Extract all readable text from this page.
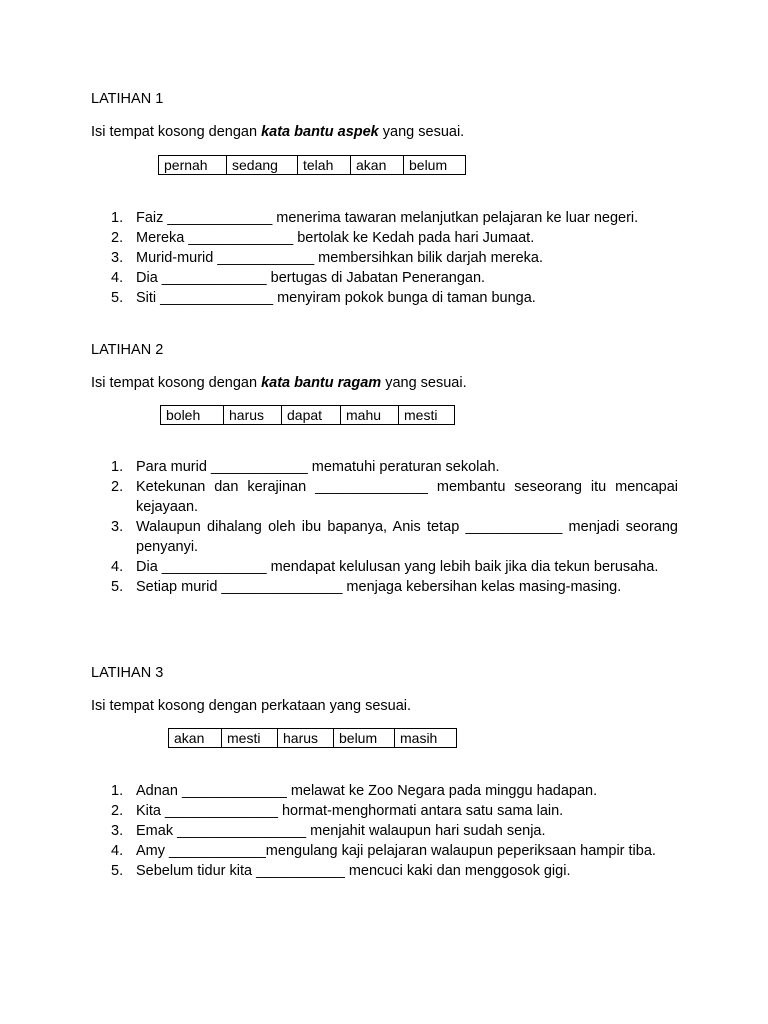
LATIHAN 1
Isi tempat kosong dengan kata bantu aspek yang sesuai.
pernah	sedang	telah	akan	belum
1. Faiz _____________ menerima tawaran melanjutkan pelajaran ke luar negeri.
2. Mereka _____________ bertolak ke Kedah pada hari Jumaat.
3. Murid-murid ____________ membersihkan bilik darjah mereka.
4. Dia _____________ bertugas di Jabatan Penerangan.
5. Siti ______________ menyiram pokok bunga di taman bunga.
LATIHAN 2
Isi tempat kosong dengan kata bantu ragam yang sesuai.
boleh	harus	dapat	mahu	mesti
1. Para murid ____________ mematuhi peraturan sekolah.
2. Ketekunan dan kerajinan ______________ membantu seseorang itu mencapai kejayaan.
3. Walaupun dihalang oleh ibu bapanya, Anis tetap ____________ menjadi seorang penyanyi.
4. Dia _____________ mendapat kelulusan yang lebih baik jika dia tekun berusaha.
5. Setiap murid _______________ menjaga kebersihan kelas masing-masing.
LATIHAN 3
Isi tempat kosong dengan perkataan yang sesuai.
akan	mesti	harus	belum	masih
1. Adnan _____________ melawat ke Zoo Negara pada minggu hadapan.
2. Kita ______________ hormat-menghormati antara satu sama lain.
3. Emak ________________ menjahit walaupun hari sudah senja.
4. Amy ____________mengulang kaji pelajaran walaupun peperiksaan hampir tiba.
5. Sebelum tidur kita ___________ mencuci kaki dan menggosok gigi.
